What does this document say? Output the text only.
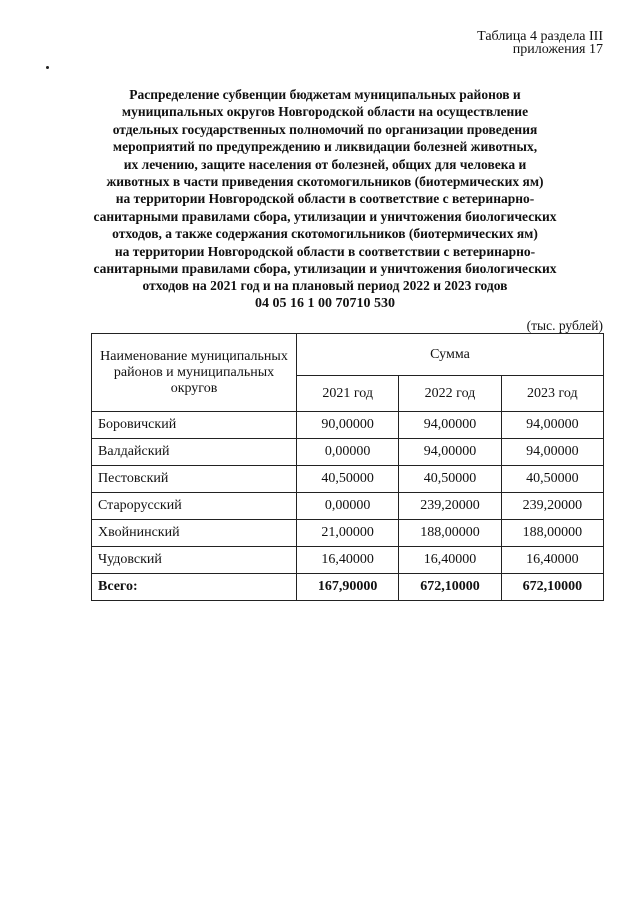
Таблица 4 раздела III
приложения 17
Распределение субвенции бюджетам муниципальных районов и
муниципальных округов Новгородской области на осуществление
отдельных государственных полномочий по организации проведения
мероприятий по предупреждению и ликвидации болезней животных,
их лечению, защите населения от болезней, общих для человека и
животных в части приведения скотомогильников (биотермических ям)
на территории Новгородской области в соответствие с ветеринарно-
санитарными правилами сбора, утилизации и уничтожения биологических
отходов, а также содержания скотомогильников (биотермических ям)
на территории Новгородской области в соответствии с ветеринарно-
санитарными правилами сбора, утилизации и уничтожения биологических
отходов на 2021 год и на плановый период 2022 и 2023 годов
04 05 16 1 00 70710 530
(тыс. рублей)
Наименование муниципальных районов и муниципальных округов	Сумма		
	2021 год	2022 год	2023 год
Боровичский	90,00000	94,00000	94,00000
Валдайский	0,00000	94,00000	94,00000
Пестовский	40,50000	40,50000	40,50000
Старорусский	0,00000	239,20000	239,20000
Хвойнинский	21,00000	188,00000	188,00000
Чудовский	16,40000	16,40000	16,40000
Всего:	167,90000	672,10000	672,10000
